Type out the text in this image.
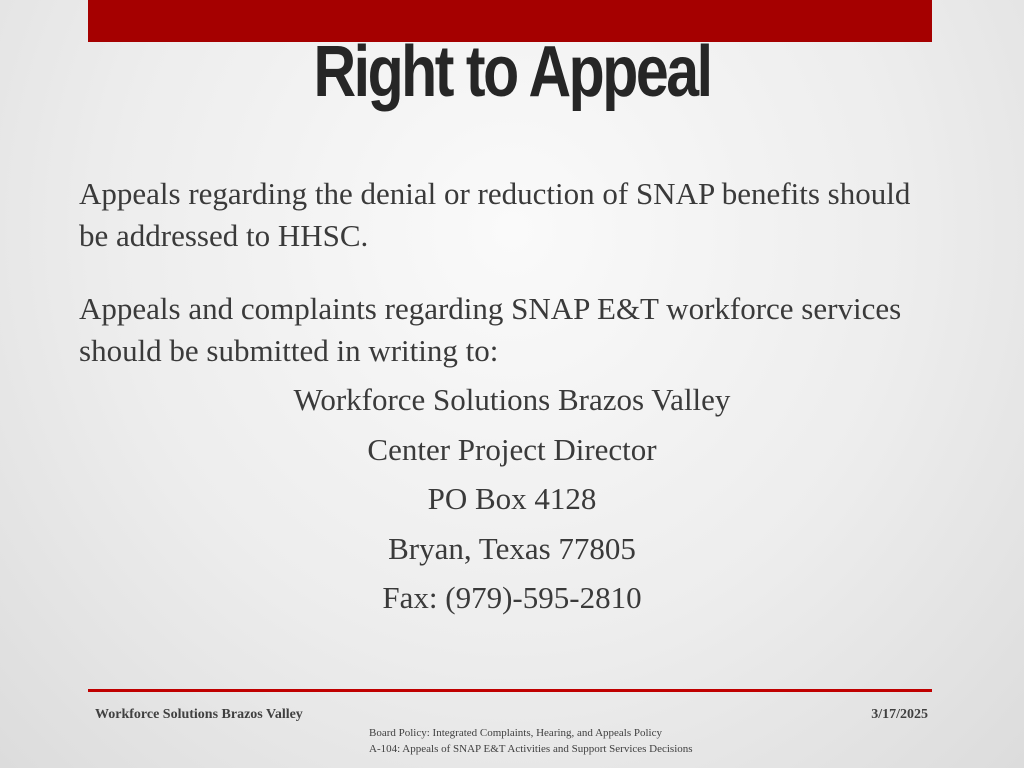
Right to Appeal

Appeals regarding the denial or reduction of SNAP benefits should be addressed to HHSC.

Appeals and complaints regarding SNAP E&T workforce services should be submitted in writing to:

Workforce Solutions Brazos Valley
Center Project Director
PO Box 4128
Bryan, Texas 77805
Fax: (979)-595-2810
Workforce Solutions Brazos Valley
Board Policy: Integrated Complaints, Hearing, and Appeals Policy
A-104: Appeals of SNAP E&T Activities and Support Services Decisions
3/17/2025
